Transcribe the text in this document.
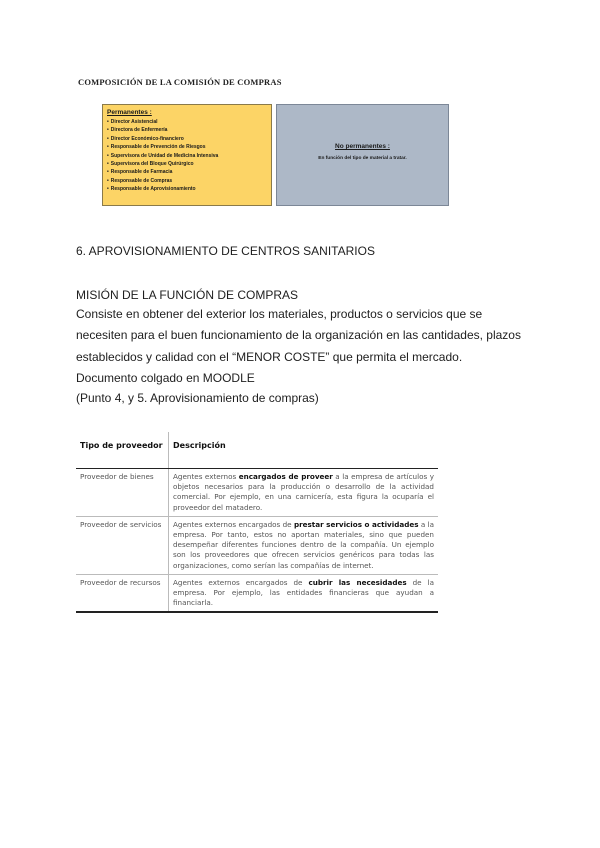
COMPOSICIÓN DE LA COMISIÓN DE COMPRAS
Permanentes :
• Director Asistencial
• Directora de Enfermería
• Director Económico-financiero
• Responsable de Prevención de Riesgos
• Supervisora de Unidad de Medicina Intensiva
• Supervisora del Bloque Quirúrgico
• Responsable de Farmacia
• Responsable de Compras
• Responsable de Aprovisionamiento
No permanentes :
En función del tipo de material a tratar.
6. APROVISIONAMIENTO DE CENTROS SANITARIOS
MISIÓN DE LA FUNCIÓN DE COMPRAS
Consiste en obtener del exterior los materiales, productos o servicios que se
necesiten para el buen funcionamiento de la organización en las cantidades, plazos
establecidos y calidad con el “MENOR COSTE” que permita el mercado.
Documento colgado en MOODLE
(Punto 4, y 5. Aprovisionamiento de compras)
Tipo de proveedor	Descripción
Proveedor de bienes	Agentes externos encargados de proveer a la empresa de artículos y objetos necesarios para la producción o desarrollo de la actividad comercial. Por ejemplo, en una carnicería, esta figura la ocuparía el proveedor del matadero.
Proveedor de servicios	Agentes externos encargados de prestar servicios o actividades a la empresa. Por tanto, estos no aportan materiales, sino que pueden desempeñar diferentes funciones dentro de la compañía. Un ejemplo son los proveedores que ofrecen servicios genéricos para todas las organizaciones, como serían las compañías de internet.
Proveedor de recursos	Agentes externos encargados de cubrir las necesidades de la empresa. Por ejemplo, las entidades financieras que ayudan a financiarla.
